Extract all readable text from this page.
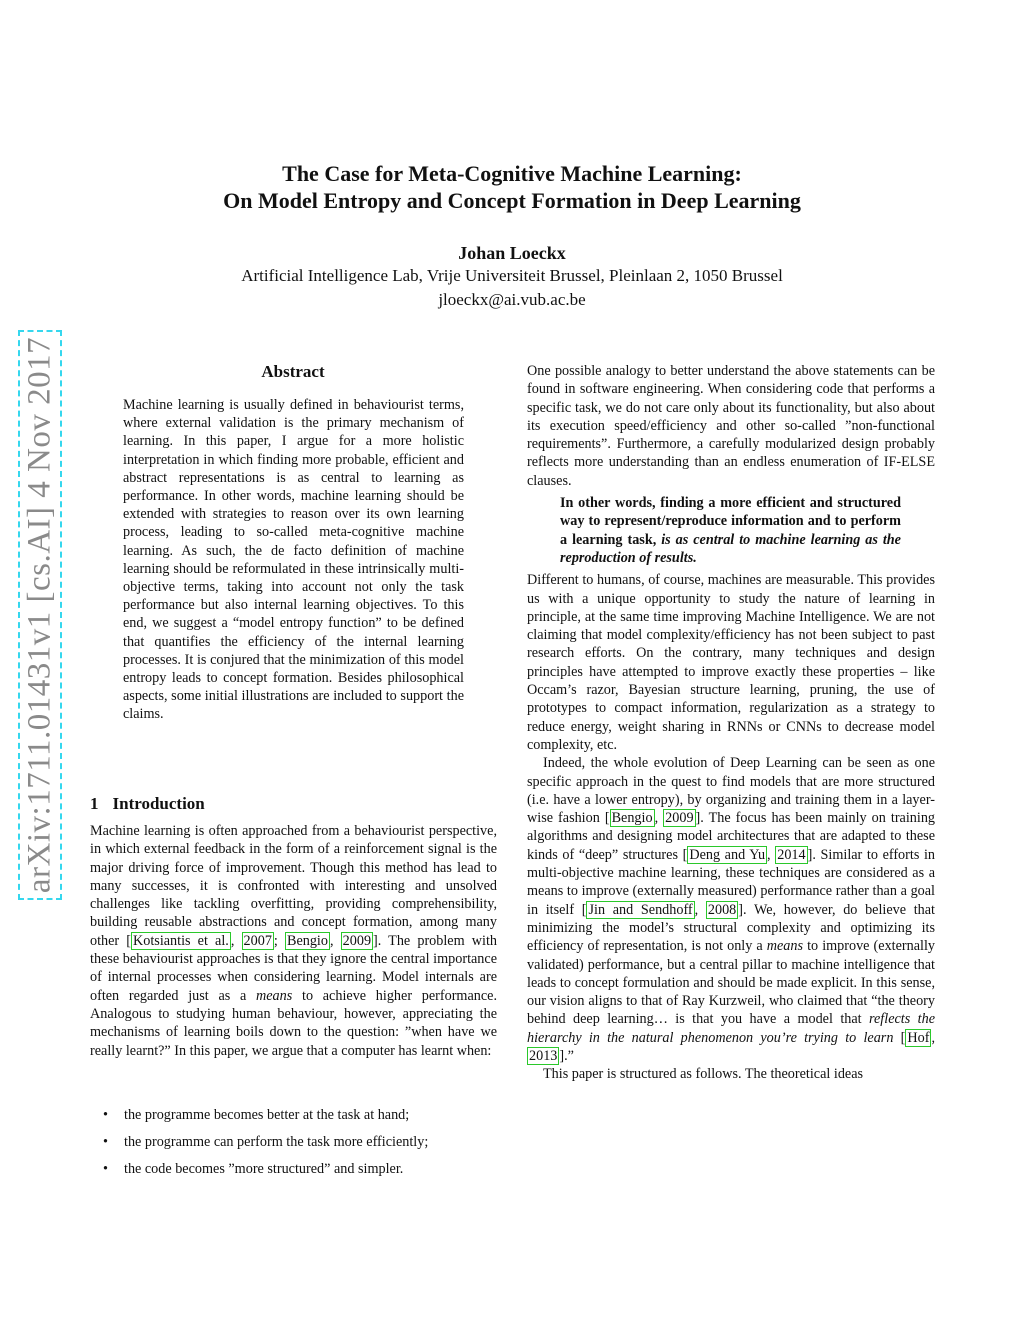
arXiv:1711.01431v1 [cs.AI] 4 Nov 2017
The Case for Meta-Cognitive Machine Learning:
On Model Entropy and Concept Formation in Deep Learning
Johan Loeckx
Artificial Intelligence Lab, Vrije Universiteit Brussel, Pleinlaan 2, 1050 Brussel
jloeckx@ai.vub.ac.be
Abstract
Machine learning is usually defined in behaviourist terms, where external validation is the primary mechanism of learning. In this paper, I argue for a more holistic interpretation in which finding more probable, efficient and abstract representations is as central to learning as performance. In other words, machine learning should be extended with strategies to reason over its own learning process, leading to so-called meta-cognitive machine learning. As such, the de facto definition of machine learning should be reformulated in these intrinsically multi-objective terms, taking into account not only the task performance but also internal learning objectives. To this end, we suggest a “model entropy function” to be defined that quantifies the efficiency of the internal learning processes. It is conjured that the minimization of this model entropy leads to concept formation. Besides philosophical aspects, some initial illustrations are included to support the claims.
1 Introduction
Machine learning is often approached from a behaviourist perspective, in which external feedback in the form of a reinforcement signal is the major driving force of improvement. Though this method has lead to many successes, it is confronted with interesting and unsolved challenges like tackling overfitting, providing comprehensibility, building reusable abstractions and concept formation, among many other [ Kotsiantis et al. , 2007 ; Bengio , 2009 ]. The problem with these behaviourist approaches is that they ignore the central importance of internal processes when considering learning. Model internals are often regarded just as a means to achieve higher performance. Analogous to studying human behaviour, however, appreciating the mechanisms of learning boils down to the question: ”when have we really learnt?” In this paper, we argue that a computer has learnt when:
• the programme becomes better at the task at hand;
• the programme can perform the task more efficiently;
• the code becomes ”more structured” and simpler.

One possible analogy to better understand the above statements can be found in software engineering. When considering code that performs a specific task, we do not care only about its functionality, but also about its execution speed/efficiency and other so-called ”non-functional requirements”. Furthermore, a carefully modularized design probably reflects more understanding than an endless enumeration of IF-ELSE clauses.

In other words, finding a more efficient and structured way to represent/reproduce information and to perform a learning task, is as central to machine learning as the reproduction of results.

Different to humans, of course, machines are measurable. This provides us with a unique opportunity to study the nature of learning in principle, at the same time improving Machine Intelligence. We are not claiming that model complexity/efficiency has not been subject to past research efforts. On the contrary, many techniques and design principles have attempted to improve exactly these properties – like Occam’s razor, Bayesian structure learning, pruning, the use of prototypes to compact information, regularization as a strategy to reduce energy, weight sharing in RNNs or CNNs to decrease model complexity, etc.

Indeed, the whole evolution of Deep Learning can be seen as one specific approach in the quest to find models that are more structured (i.e. have a lower entropy), by organizing and training them in a layer-wise fashion [ Bengio , 2009 ]. The focus has been mainly on training algorithms and designing model architectures that are adapted to these kinds of “deep” structures [ Deng and Yu , 2014 ]. Similar to efforts in multi-objective machine learning, these techniques are considered as a means to improve (externally measured) performance rather than a goal in itself [ Jin and Sendhoff , 2008 ]. We, however, do believe that minimizing the model’s structural complexity and optimizing its efficiency of representation, is not only a means to improve (externally validated) performance, but a central pillar to machine intelligence that leads to concept formulation and should be made explicit. In this sense, our vision aligns to that of Ray Kurzweil, who claimed that “the theory behind deep learning… is that you have a model that reflects the hierarchy in the natural phenomenon you’re trying to learn [ Hof , 2013 ].”

This paper is structured as follows. The theoretical ideas
